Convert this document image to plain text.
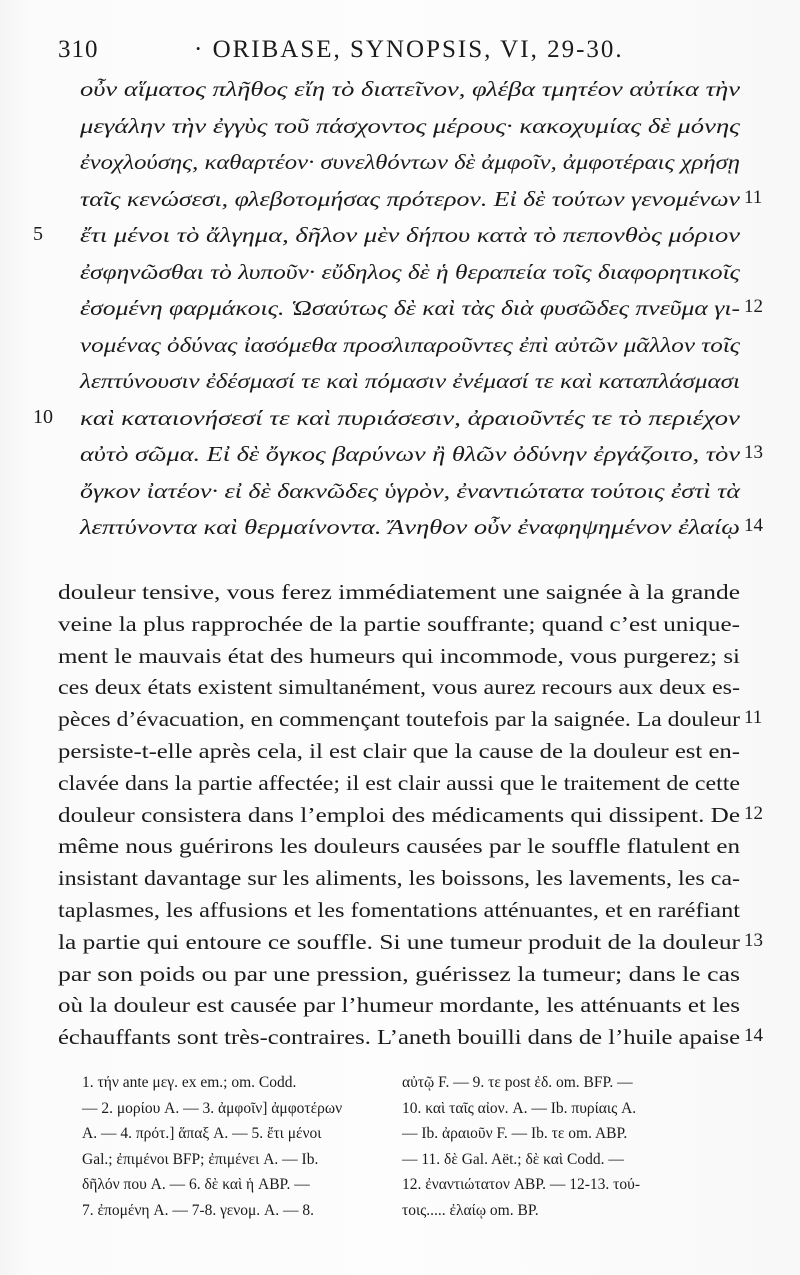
310	· ORIBASE, SYNOPSIS, VI, 29-30.
οὖν αἵματος πλῆθος εἴη τὸ διατεῖνον, φλέβα τμητέον αὐτίκα τὴν
μεγάλην τὴν ἐγγὺς τοῦ πάσχοντος μέρους· κακοχυμίας δὲ μόνης
ἐνοχλούσης, καθαρτέον· συνελθόντων δὲ ἀμφοῖν, ἀμφοτέραις χρήσῃ
ταῖς κενώσεσι, φλεβοτομήσας πρότερον. Εἰ δὲ τούτων γενομένων 11
5 ἔτι μένοι τὸ ἄλγημα, δῆλον μὲν δήπου κατὰ τὸ πεπονθὸς μόριον
ἐσφηνῶσθαι τὸ λυποῦν· εὔδηλος δὲ ἡ θεραπεία τοῖς διαφορητικοῖς
ἐσομένη φαρμάκοις. Ὡσαύτως δὲ καὶ τὰς διὰ φυσῶδες πνεῦμα γι- 12
νομένας ὀδύνας ἰασόμεθα προσλιπαροῦντες ἐπὶ αὐτῶν μᾶλλον τοῖς
λεπτύνουσιν ἐδέσμασί τε καὶ πόμασιν ἐνέμασί τε καὶ καταπλάσμασι
10 καὶ καταιονήσεσί τε καὶ πυριάσεσιν, ἀραιοῦντές τε τὸ περιέχον
αὐτὸ σῶμα. Εἰ δὲ ὄγκος βαρύνων ἢ θλῶν ὀδύνην ἐργάζοιτο, τὸν 13
ὄγκον ἰατέον· εἰ δὲ δακνῶδες ὑγρὸν, ἐναντιώτατα τούτοις ἐστὶ τὰ
λεπτύνοντα καὶ θερμαίνοντα. Ἄνηθον οὖν ἐναφηψημένον ἐλαίῳ 14
douleur tensive, vous ferez immédiatement une saignée à la grande
veine la plus rapprochée de la partie souffrante; quand c’est unique-
ment le mauvais état des humeurs qui incommode, vous purgerez; si
ces deux états existent simultanément, vous aurez recours aux deux es-
pèces d’évacuation, en commençant toutefois par la saignée. La douleur 11
persiste-t-elle après cela, il est clair que la cause de la douleur est en-
clavée dans la partie affectée; il est clair aussi que le traitement de cette
douleur consistera dans l’emploi des médicaments qui dissipent. De 12
même nous guérirons les douleurs causées par le souffle flatulent en
insistant davantage sur les aliments, les boissons, les lavements, les ca-
taplasmes, les affusions et les fomentations atténuantes, et en raréfiant
la partie qui entoure ce souffle. Si une tumeur produit de la douleur 13
par son poids ou par une pression, guérissez la tumeur; dans le cas
où la douleur est causée par l’humeur mordante, les atténuants et les
échauffants sont très-contraires. L’aneth bouilli dans de l’huile apaise 14
1. τήν ante μεγ. ex em.; om. Codd.
— 2. μορίου A. — 3. ἀμφοῖν] ἀμφοτέρων
A. — 4. πρότ.] ἅπαξ A. — 5. ἔτι μένοι
Gal.; ἐπιμένοι BFP; ἐπιμένει A. — Ib.
δῆλόν που A. — 6. δὲ καὶ ἡ ABP. —
7. ἐπομένη A. — 7-8. γενομ. A. — 8.
αὐτῷ F. — 9. τε post ἐδ. om. BFP. —
10. καὶ ταῖς αἰον. A. — Ib. πυρίαις A.
— Ib. ἀραιοῦν F. — Ib. τε om. ABP.
— 11. δὲ Gal. Aët.; δὲ καὶ Codd. —
12. ἐναντιώτατον ABP. — 12-13. τού-
τοις..... ἐλαίῳ om. BP.
